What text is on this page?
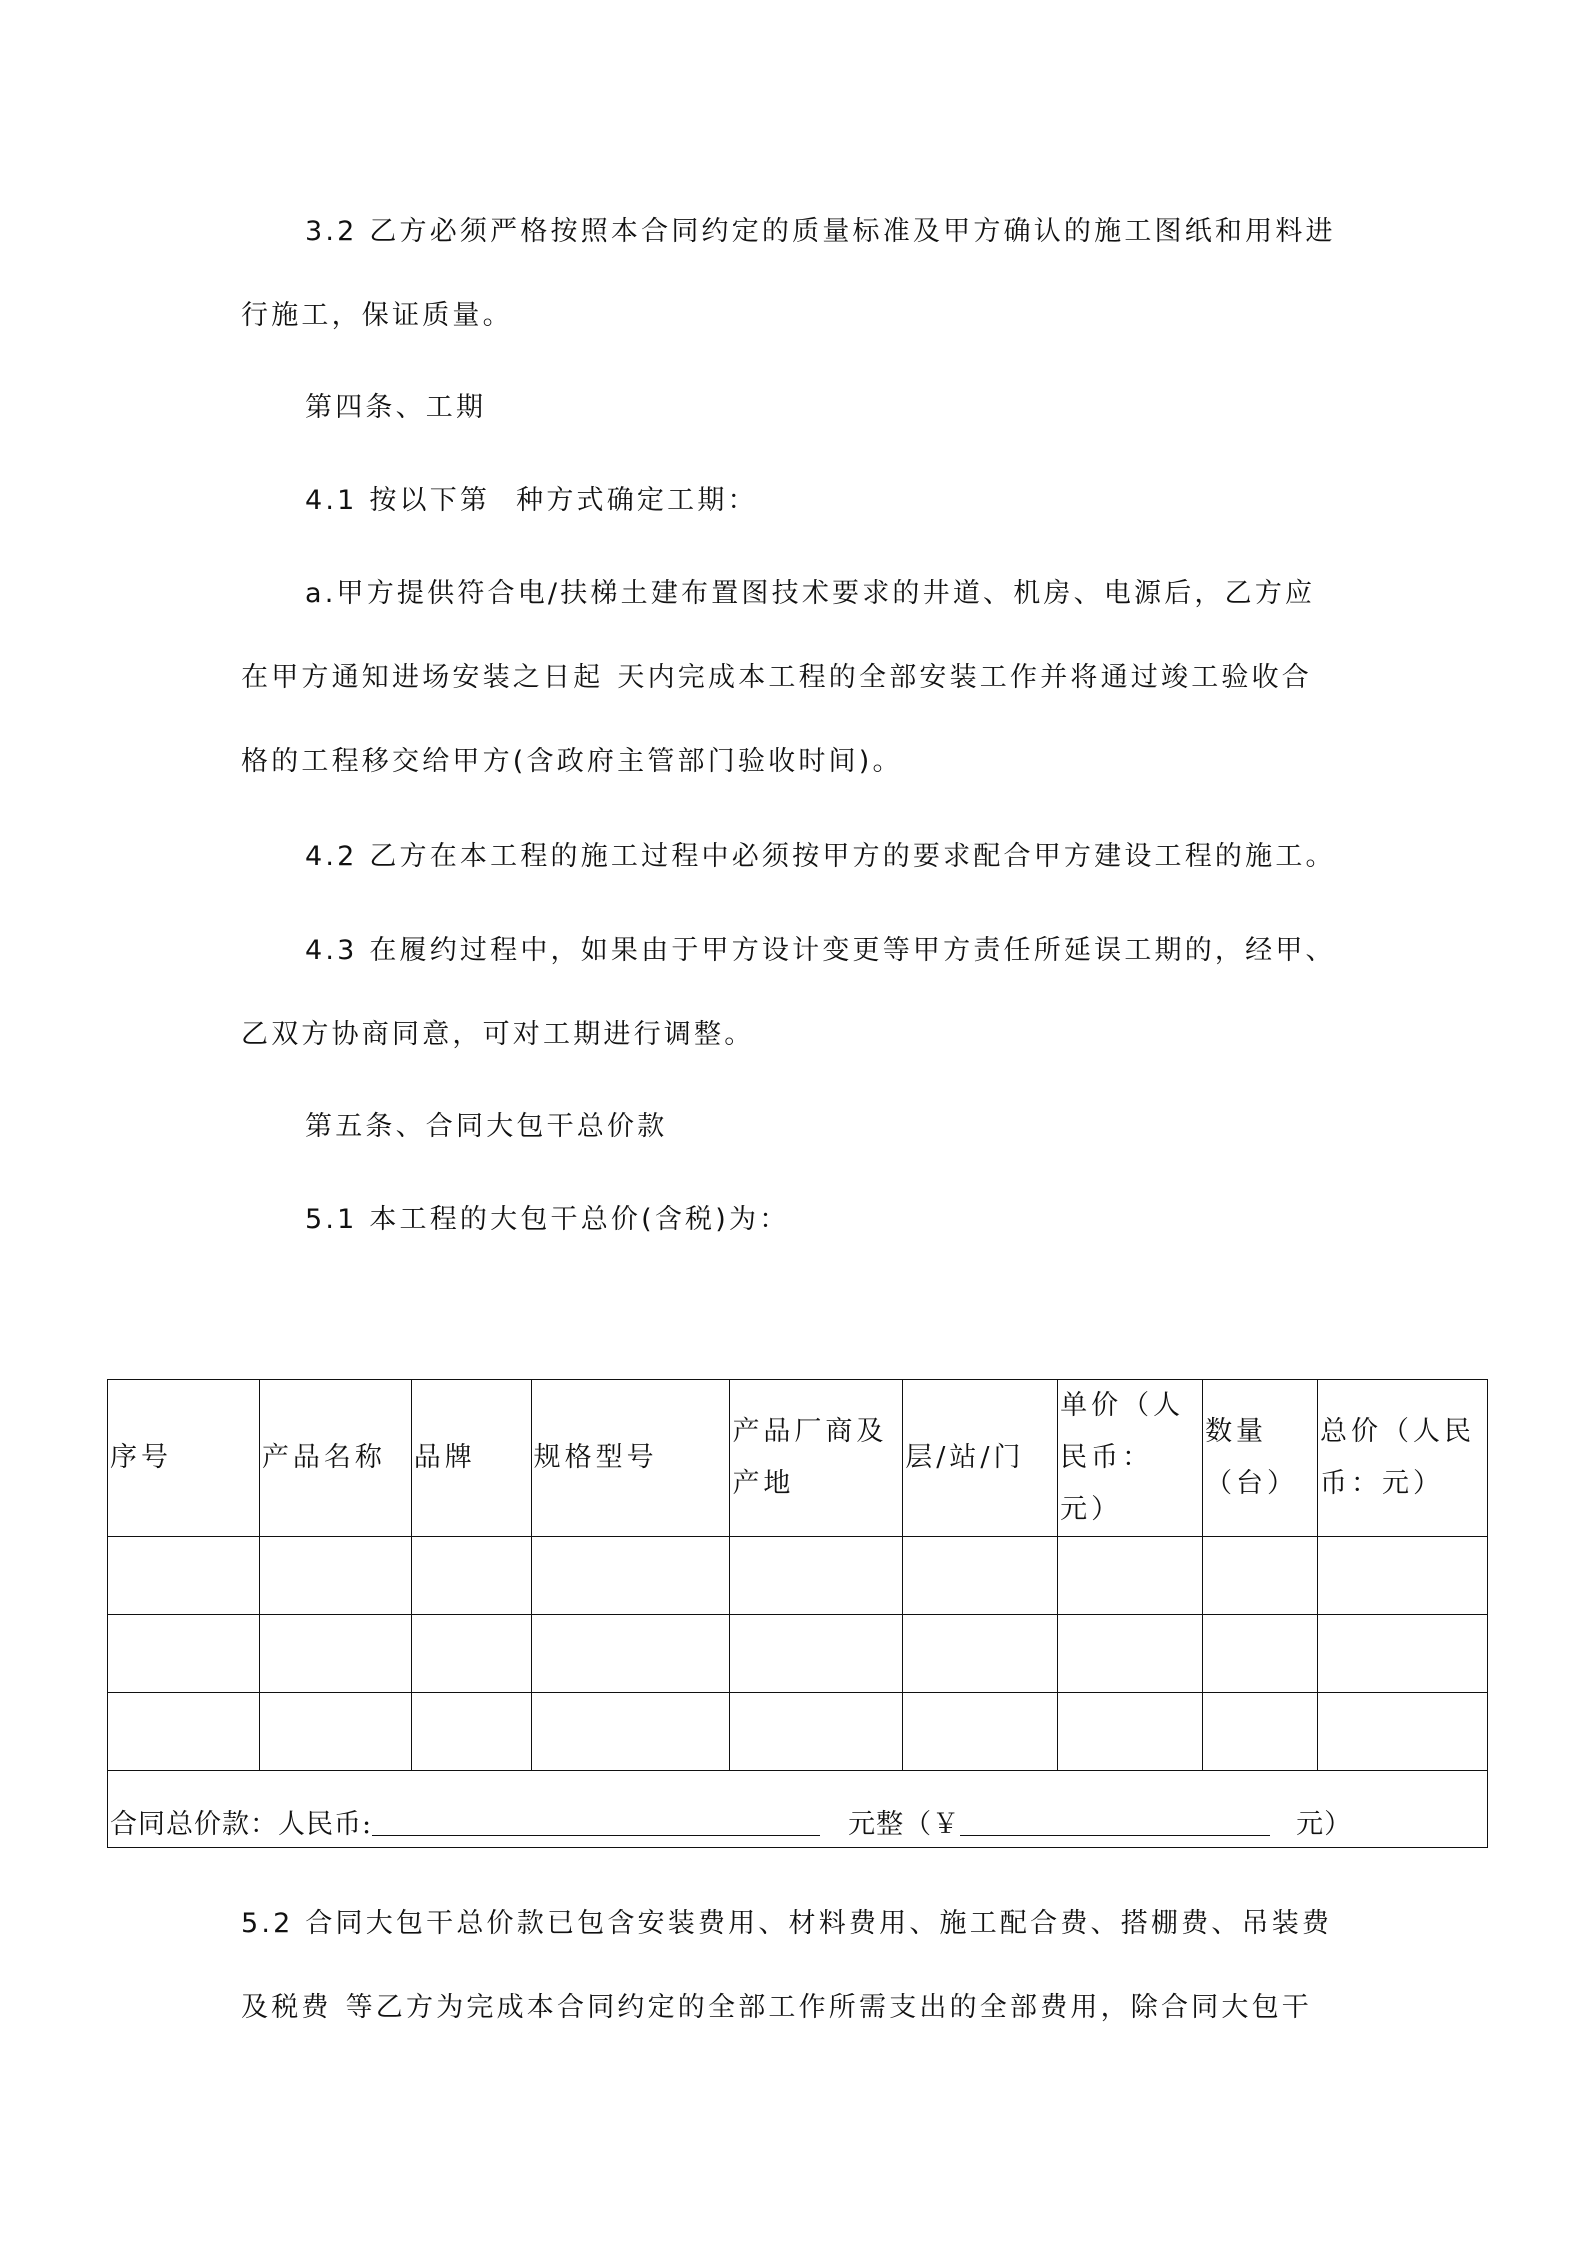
3.2 乙方必须严格按照本合同约定的质量标准及甲方确认的施工图纸和用料进

行施工，保证质量。

第四条、工期

4.1 按以下第 种方式确定工期：

a.甲方提供符合电/扶梯土建布置图技术要求的井道、机房、电源后，乙方应

在甲方通知进场安装之日起 天内完成本工程的全部安装工作并将通过竣工验收合

格的工程移交给甲方(含政府主管部门验收时间)。

4.2 乙方在本工程的施工过程中必须按甲方的要求配合甲方建设工程的施工。

4.3 在履约过程中，如果由于甲方设计变更等甲方责任所延误工期的，经甲、

乙双方协商同意，可对工期进行调整。

第五条、合同大包干总价款

5.1 本工程的大包干总价(含税)为：

序号	产品名称	品牌	规格型号	产品厂商及产地	层/站/门	单价（人民币：元）	数量（台）	总价（人民币：元）

合同总价款：人民币: 元整（￥ 元）								

5.2 合同大包干总价款已包含安装费用、材料费用、施工配合费、搭棚费、吊装费

及税费 等乙方为完成本合同约定的全部工作所需支出的全部费用，除合同大包干
